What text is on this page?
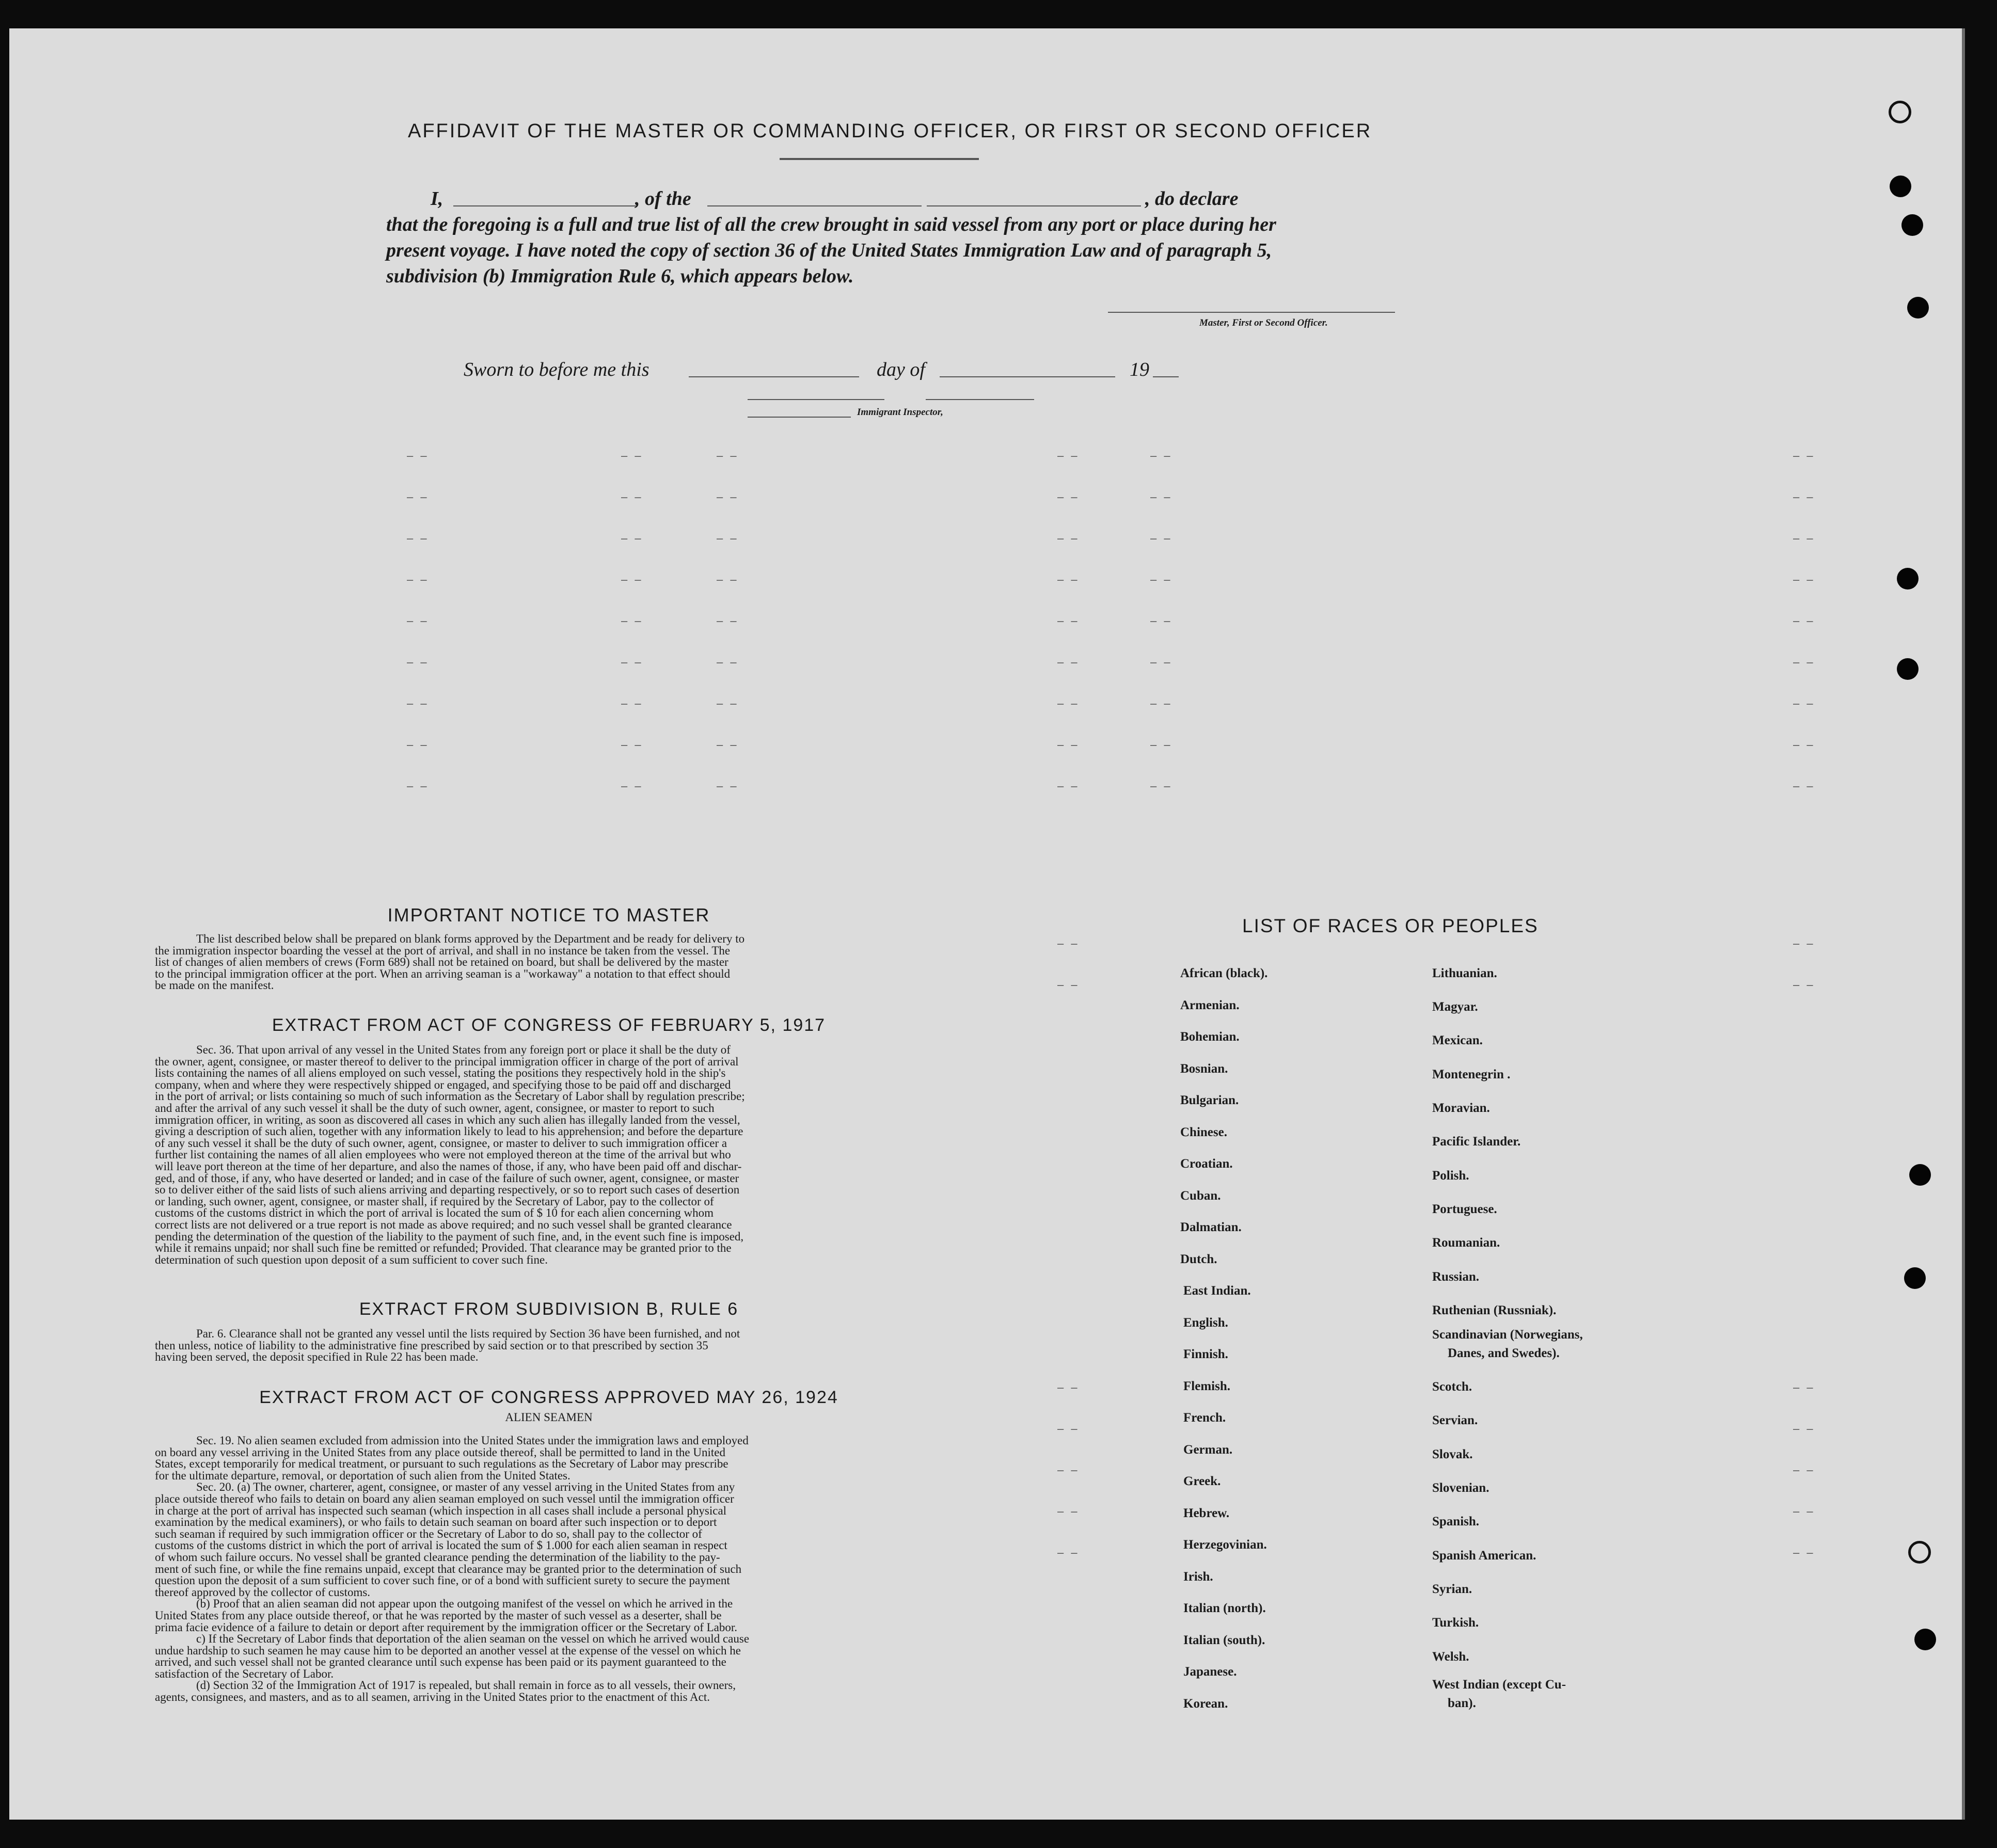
AFFIDAVIT OF THE MASTER OR COMMANDING OFFICER, OR FIRST OR SECOND OFFICER
I,	, of the	, do declare
that the foregoing is a full and true list of all the crew brought in said vessel from any port or place during her
present voyage. I have noted the copy of section 36 of the United States Immigration Law and of paragraph 5,
subdivision (b) Immigration Rule 6, which appears below.
Master, First or Second Officer.
Sworn to before me this	day of	19
Immigrant Inspector,
– –	– –	– –	– –	– –	– –
– –	– –	– –	– –	– –	– –
– –	– –	– –	– –	– –	– –
– –	– –	– –	– –	– –	– –
– –	– –	– –	– –	– –	– –
– –	– –	– –	– –	– –	– –
– –	– –	– –	– –	– –	– –
– –	– –	– –	– –	– –	– –
– –	– –	– –	– –	– –	– –
– –	– –
– –	– –
– –	– –
– –	– –
– –	– –
– –	– –
– –	– –
IMPORTANT NOTICE TO MASTER
The list described below shall be prepared on blank forms approved by the Department and be ready for delivery to
the immigration inspector boarding the vessel at the port of arrival, and shall in no instance be taken from the vessel. The
list of changes of alien members of crews (Form 689) shall not be retained on board, but shall be delivered by the master
to the principal immigration officer at the port. When an arriving seaman is a "workaway" a notation to that effect should
be made on the manifest.
EXTRACT FROM ACT OF CONGRESS OF FEBRUARY 5, 1917
Sec. 36. That upon arrival of any vessel in the United States from any foreign port or place it shall be the duty of
the owner, agent, consignee, or master thereof to deliver to the principal immigration officer in charge of the port of arrival
lists containing the names of all aliens employed on such vessel, stating the positions they respectively hold in the ship's
company, when and where they were respectively shipped or engaged, and specifying those to be paid off and discharged
in the port of arrival; or lists containing so much of such information as the Secretary of Labor shall by regulation prescribe;
and after the arrival of any such vessel it shall be the duty of such owner, agent, consignee, or master to report to such
immigration officer, in writing, as soon as discovered all cases in which any such alien has illegally landed from the vessel,
giving a description of such alien, together with any information likely to lead to his apprehension; and before the departure
of any such vessel it shall be the duty of such owner, agent, consignee, or master to deliver to such immigration officer a
further list containing the names of all alien employees who were not employed thereon at the time of the arrival but who
will leave port thereon at the time of her departure, and also the names of those, if any, who have been paid off and dischar-
ged, and of those, if any, who have deserted or landed; and in case of the failure of such owner, agent, consignee, or master
so to deliver either of the said lists of such aliens arriving and departing respectively, or so to report such cases of desertion
or landing, such owner, agent, consignee, or master shall, if required by the Secretary of Labor, pay to the collector of
customs of the customs district in which the port of arrival is located the sum of $ 10 for each alien concerning whom
correct lists are not delivered or a true report is not made as above required; and no such vessel shall be granted clearance
pending the determination of the question of the liability to the payment of such fine, and, in the event such fine is imposed,
while it remains unpaid; nor shall such fine be remitted or refunded; Provided. That clearance may be granted prior to the
determination of such question upon deposit of a sum sufficient to cover such fine.
EXTRACT FROM SUBDIVISION B, RULE 6
Par. 6. Clearance shall not be granted any vessel until the lists required by Section 36 have been furnished, and not
then unless, notice of liability to the administrative fine prescribed by said section or to that prescribed by section 35
having been served, the deposit specified in Rule 22 has been made.
EXTRACT FROM ACT OF CONGRESS APPROVED MAY 26, 1924
ALIEN SEAMEN
Sec. 19. No alien seamen excluded from admission into the United States under the immigration laws and employed
on board any vessel arriving in the United States from any place outside thereof, shall be permitted to land in the United
States, except temporarily for medical treatment, or pursuant to such regulations as the Secretary of Labor may prescribe
for the ultimate departure, removal, or deportation of such alien from the United States.
Sec. 20. (a) The owner, charterer, agent, consignee, or master of any vessel arriving in the United States from any
place outside thereof who fails to detain on board any alien seaman employed on such vessel until the immigration officer
in charge at the port of arrival has inspected such seaman (which inspection in all cases shall include a personal physical
examination by the medical examiners), or who fails to detain such seaman on board after such inspection or to deport
such seaman if required by such immigration officer or the Secretary of Labor to do so, shall pay to the collector of
customs of the customs district in which the port of arrival is located the sum of $ 1.000 for each alien seaman in respect
of whom such failure occurs. No vessel shall be granted clearance pending the determination of the liability to the pay-
ment of such fine, or while the fine remains unpaid, except that clearance may be granted prior to the determination of such
question upon the deposit of a sum sufficient to cover such fine, or of a bond with sufficient surety to secure the payment
thereof approved by the collector of customs.
(b) Proof that an alien seaman did not appear upon the outgoing manifest of the vessel on which he arrived in the
United States from any place outside thereof, or that he was reported by the master of such vessel as a deserter, shall be
prima facie evidence of a failure to detain or deport after requirement by the immigration officer or the Secretary of Labor.
c) If the Secretary of Labor finds that deportation of the alien seaman on the vessel on which he arrived would cause
undue hardship to such seamen he may cause him to be deported an another vessel at the expense of the vessel on which he
arrived, and such vessel shall not be granted clearance until such expense has been paid or its payment guaranteed to the
satisfaction of the Secretary of Labor.
(d) Section 32 of the Immigration Act of 1917 is repealed, but shall remain in force as to all vessels, their owners,
agents, consignees, and masters, and as to all seamen, arriving in the United States prior to the enactment of this Act.
LIST OF RACES OR PEOPLES
African (black).
Armenian.
Bohemian.
Bosnian.
Bulgarian.
Chinese.
Croatian.
Cuban.
Dalmatian.
Dutch.
East Indian.
English.
Finnish.
Flemish.
French.
German.
Greek.
Hebrew.
Herzegovinian.
Irish.
Italian (north).
Italian (south).
Japanese.
Korean.
Lithuanian.
Magyar.
Mexican.
Montenegrin .
Moravian.
Pacific Islander.
Polish.
Portuguese.
Roumanian.
Russian.
Ruthenian (Russniak).
Scandinavian (Norwegians,
Danes, and Swedes).
Scotch.
Servian.
Slovak.
Slovenian.
Spanish.
Spanish American.
Syrian.
Turkish.
Welsh.
West Indian (except Cu-
ban).
